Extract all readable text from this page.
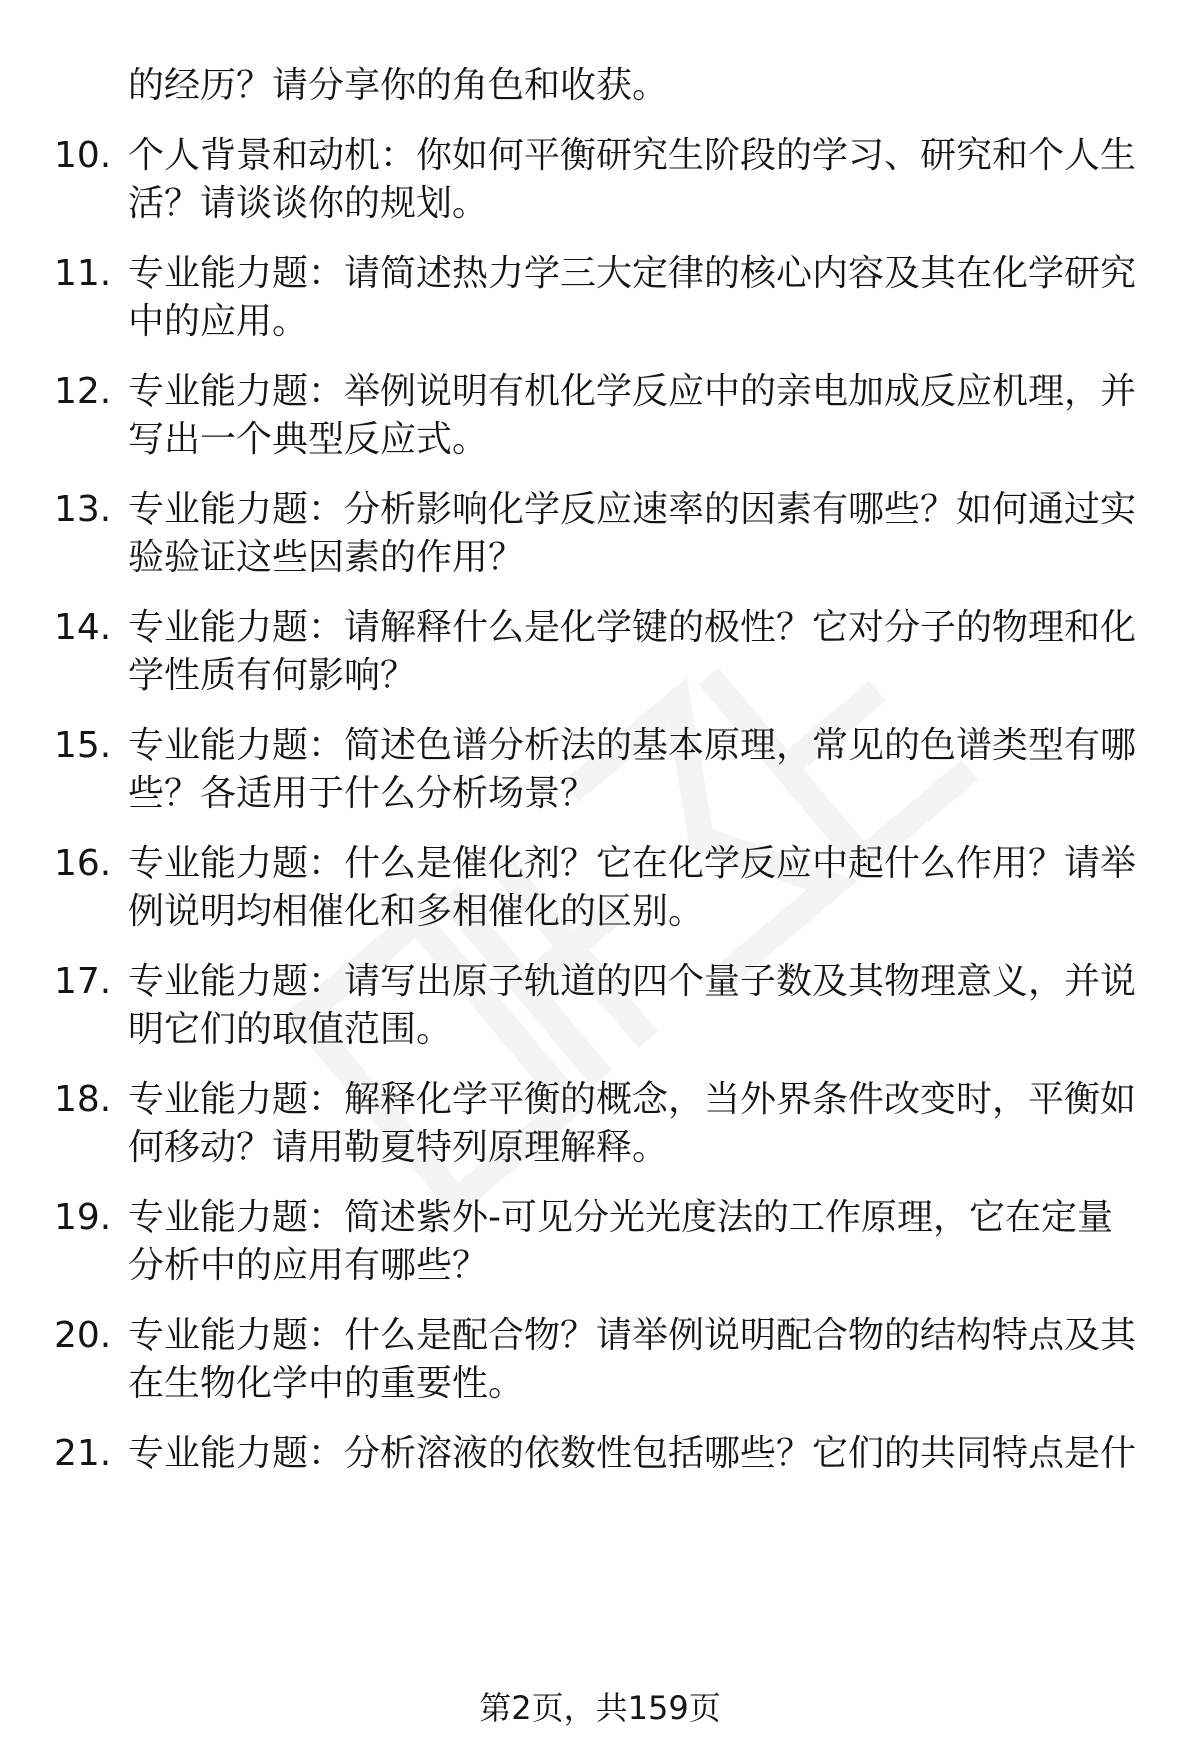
的经历？请分享你的角色和收获。

10. 个人背景和动机：你如何平衡研究生阶段的学习、研究和个人生活？请谈谈你的规划。
11. 专业能力题：请简述热力学三大定律的核心内容及其在化学研究中的应用。
12. 专业能力题：举例说明有机化学反应中的亲电加成反应机理，并写出一个典型反应式。
13. 专业能力题：分析影响化学反应速率的因素有哪些？如何通过实验验证这些因素的作用？
14. 专业能力题：请解释什么是化学键的极性？它对分子的物理和化学性质有何影响？
15. 专业能力题：简述色谱分析法的基本原理，常见的色谱类型有哪些？各适用于什么分析场景？
16. 专业能力题：什么是催化剂？它在化学反应中起什么作用？请举例说明均相催化和多相催化的区别。
17. 专业能力题：请写出原子轨道的四个量子数及其物理意义，并说明它们的取值范围。
18. 专业能力题：解释化学平衡的概念，当外界条件改变时，平衡如何移动？请用勒夏特列原理解释。
19. 专业能力题：简述紫外-可见分光光度法的工作原理，它在定量分析中的应用有哪些？
20. 专业能力题：什么是配合物？请举例说明配合物的结构特点及其在生物化学中的重要性。
21. 专业能力题：分析溶液的依数性包括哪些？它们的共同特点是什
第2页，共159页
